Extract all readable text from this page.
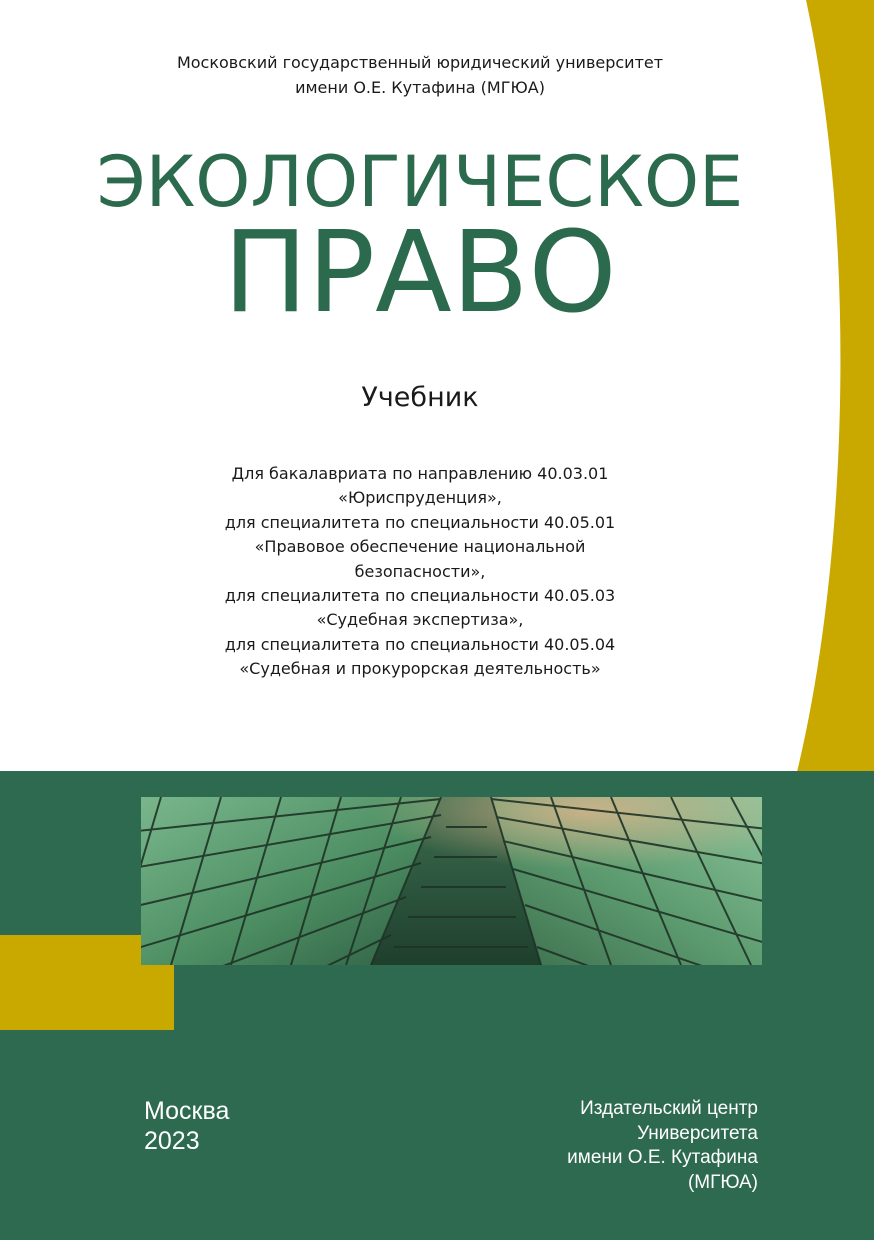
Московский государственный юридический университет
имени О.Е. Кутафина (МГЮА)

ЭКОЛОГИЧЕСКОЕ
ПРАВО

Учебник

Для бакалавриата по направлению 40.03.01
«Юриспруденция»,
для специалитета по специальности 40.05.01
«Правовое обеспечение национальной
безопасности»,
для специалитета по специальности 40.05.03
«Судебная экспертиза»,
для специалитета по специальности 40.05.04
«Судебная и прокурорская деятельность»

Москва
2023

Издательский центр
Университета
имени О.Е. Кутафина
(МГЮА)
